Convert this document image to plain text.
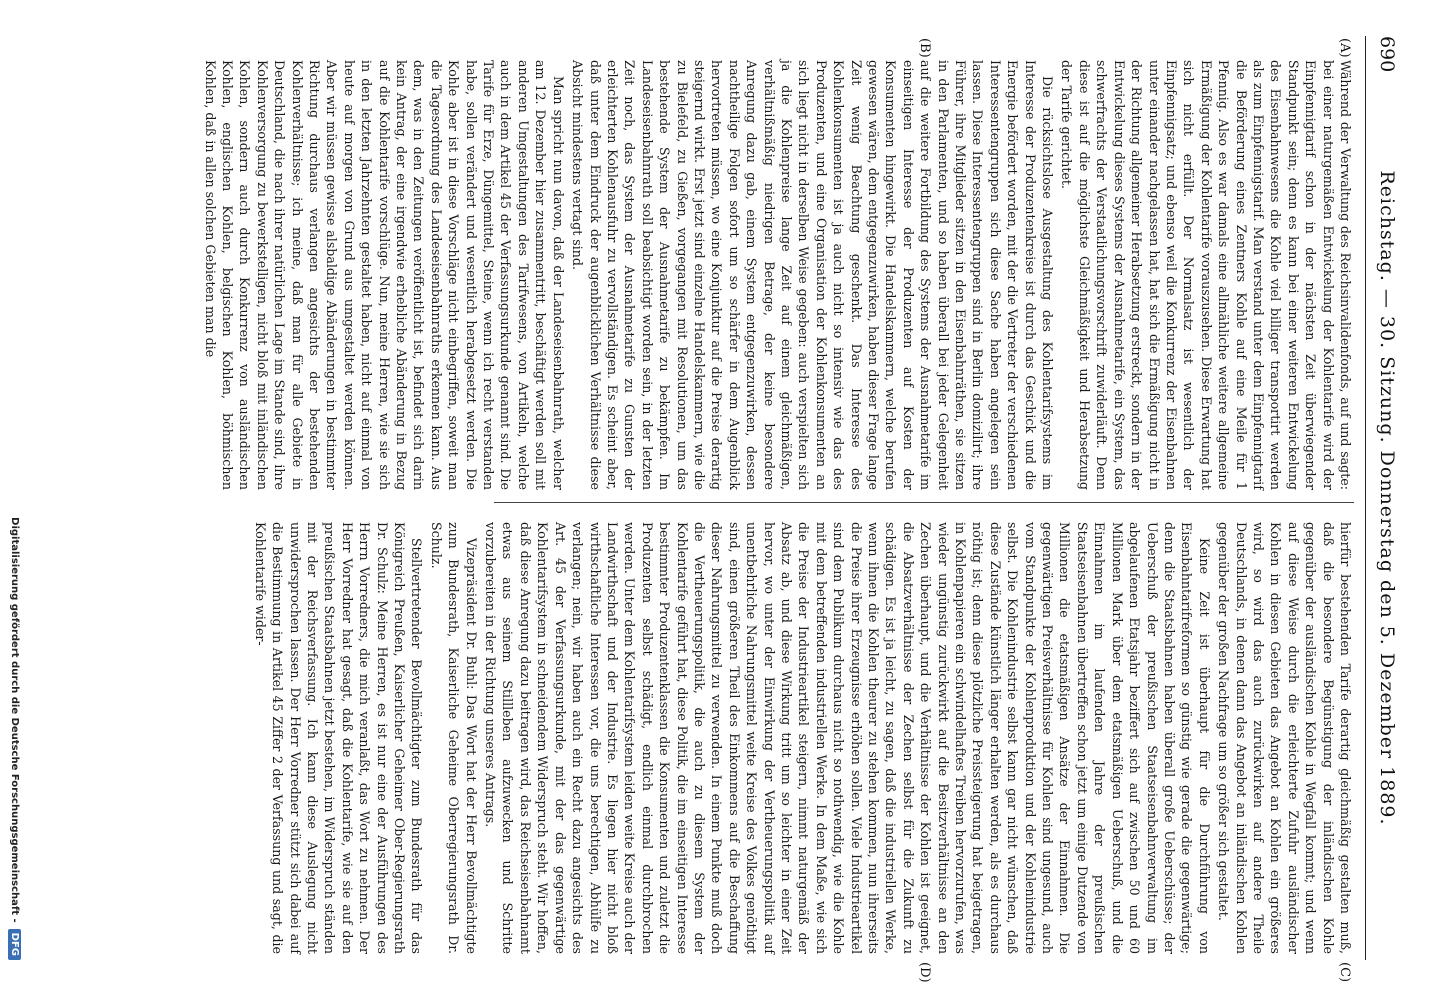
690
Reichstag. — 30. Sitzung. Donnerstag den 5. Dezember 1889.
(A)
(B)
(C)
(D)

Während der Verwaltung des Reichsinvalidenfonds, auf und sagte: bei einer naturgemäßen Entwickelung der Kohlentarife wird der Einpfennigtarif schon in der nächsten Zeit überwiegender Standpunkt sein; denn es kann bei einer weiteren Entwickelung des Eisenbahnwesens die Kohle viel billiger transportirt werden als zum Einpfennigstarif. Man verstand unter dem Einpfennigtarif die Beförderung eines Zentners Kohle auf eine Meile für 1 Pfennig. Also es war damals eine allmähliche weitere allgemeine Ermäßigung der Kohlentarife vorauszusehen. Diese Erwartung hat sich nicht erfüllt. Der Normalsatz ist wesentlich der Einpfennigsatz; und ebenso weil die Konkurrenz der Eisenbahnen unter einander nachgelassen hat, hat sich die Ermäßigung nicht in der Richtung allgemeiner Herabsetzung erstreckt, sondern in der Entwickelung dieses Systems der Ausnahmetarife, ein System, das schwerfrachts der Verstaatlichungsvorschrift zuwiderläuft. Denn diese ist auf die möglichste Gleichmäßigkeit und Herabsetzung der Tarife gerichtet.

Die rücksichtslose Ausgestaltung des Kohlentarifsystems im Interesse der Produzentenkreise ist durch das Geschick und die Energie befördert worden, mit der die Vertreter der verschiedenen Interessentengruppen sich diese Sache haben angelegen sein lassen. Diese Interessentengruppen sind in Berlin domizilirt; ihre Führer, ihre Mitglieder sitzen in den Eisenbahnräthen, sie sitzen in den Parlamenten, und so haben überall bei jeder Gelegenheit auf die weitere Fortbildung des Systems der Ausnahmetarife im einseitigen Interesse der Produzenten auf Kosten der Konsumenten hingewirkt. Die Handelskammern, welche berufen gewesen wären, dem entgegenzuwirken, haben dieser Frage lange Zeit wenig Beachtung geschenkt. Das Interesse des Kohlenkonsumenten ist ja auch nicht so intensiv wie das des Produzenten, und eine Organisation der Kohlenkonsumenten an sich liegt nicht in derselben Weise gegeben: auch verspielten sich ja die Kohlenpreise lange Zeit auf einem gleichmäßigen, verhältnißmäßig niedrigen Betrage, der keine besondere Anregung dazu gab, einem System entgegenzuwirken, dessen nachtheilige Folgen sofort um so schärfer in dem Augenblick hervortreten müssen, wo eine Konjunktur auf die Preise derartig steigernd wirkt. Erst jetzt sind einzelne Handelskammern, wie die zu Bielefeld, zu Gießen, vorgegangen mit Resolutionen, um das bestehende System der Ausnahmetarife zu bekämpfen. Im Landeseisenbahnrath soll beabsichtigt worden sein, in der letzten Zeit noch, das System der Ausnahmetarife zu Gunsten der erleichterten Kohlenausfuhr zu vervollständigen. Es scheint aber, daß unter dem Eindruck der augenblicklichen Verhältnisse diese Absicht mindestens vertagt sind.

Man spricht nun davon, daß der Landeseisenbahnrath, welcher am 12. Dezember hier zusammentritt, beschäftigt werden soll mit anderen Umgestaltungen des Tarifwesens, von Artikeln, welche auch in dem Artikel 45 der Verfassungsurkunde genannt sind. Die Tarife für Erze, Düngemittel, Steine, wenn ich recht verstanden habe, sollen verändert und wesentlich herabgesetzt werden. Die Kohle aber ist in diese Vorschläge nicht einbegriffen, soweit man die Tagesordnung des Landeseisenbahnraths erkennen kann. Aus dem, was in den Zeitungen veröffentlicht ist, befindet sich darin kein Antrag, der eine irgendwie erhebliche Abänderung in Bezug auf die Kohlentarife vorschlüge. Nun, meine Herren, wie sie sich in den letzten Jahrzehnten gestaltet haben, nicht auf einmal von heute auf morgen von Grund aus umgestaltet werden können. Aber wir müssen gewisse alsbaldige Abänderungen in bestimmter Richtung durchaus verlangen angesichts der bestehenden Kohlenverhältnisse; ich meine, daß man für alle Gebiete in Deutschland, die nach ihrer natürlichen Lage im Stande sind, ihre Kohlenversorgung zu bewerkstelligen, nicht bloß mit inländischen Kohlen, sondern auch durch Konkurrenz von ausländischen Kohlen, englischen Kohlen, belgischen Kohlen, böhmischen Kohlen, daß in allen solchen Gebieten man die

hierfür bestehenden Tarife derartig gleichmäßig gestalten muß, daß die besondere Begünstigung der inländischen Kohle gegenüber der ausländischen Kohle in Wegfall kommt; und wenn auf diese Weise durch die erleichterte Zufuhr ausländischer Kohlen in diesen Gebieten das Angebot an Kohlen ein größeres wird, so wird das auch zurückwirken auf andere Theile Deutschlands, in denen dann das Angebot an inländischen Kohlen gegenüber der großen Nachfrage um so größer sich gestaltet.

Keine Zeit ist überhaupt für die Durchführung von Eisenbahntarifreformen so günstig wie gerade die gegenwärtige; denn die Staatsbahnen haben überall große Ueberschüsse; der Ueberschuß der preußischen Staatseisenbahnverwaltung im abgelaufenen Etatsjahr beziffert sich auf zwischen 50 und 60 Millionen Mark über dem etatsmäßigen Ueberschuß, und die Einnahmen im laufenden Jahre der preußischen Staatseisenbahnen übertreffen schon jetzt um einige Dutzende von Millionen die etatsmäßigen Ansätze der Einnahmen. Die gegenwärtigen Preisverhältnisse für Kohlen sind ungesund, auch vom Standpunkte der Kohlenproduktion und der Kohlenindustrie selbst. Die Kohlenindustrie selbst kann gar nicht wünschen, daß diese Zustände künstlich länger erhalten werden, als es durchaus nöthig ist; denn diese plötzliche Preissteigerung hat beigetragen, in Kohlenpapieren ein schwindelhaftes Treiben hervorzurufen, was wieder ungünstig zurückwirkt auf die Besitzverhältnisse an den Zechen überhaupt, und die Verhältnisse der Kohlen ist geeignet, die Absatzverhältnisse der Zechen selbst für die Zukunft zu schädigen. Es ist ja leicht, zu sagen, daß die industriellen Werke, wenn ihnen die Kohlen theurer zu stehen kommen, nun ihrerseits die Preise ihrer Erzeugnisse erhöhen sollen. Viele Industrieartikel sind dem Publikum durchaus nicht so nothwendig, wie die Kohle mit dem betreffenden industriellen Werke. In dem Maße, wie sich die Preise der Industrieartikel steigern, nimmt naturgemäß der Absatz ab, und diese Wirkung tritt um so leichter in einer Zeit hervor, wo unter der Einwirkung der Vertheuerungspolitik auf unentbehrliche Nahrungsmittel weite Kreise des Volkes genöthigt sind, einen größeren Theil des Einkommens auf die Beschaffung dieser Nahrungsmittel zu verwenden. In einem Punkte muß doch die Vertheuerungspolitik, die auch zu diesem System der Kohlentarife geführt hat, diese Politik, die im einseitigen Interesse bestimmter Produzentenklassen die Konsumenten und zuletzt die Produzenten selbst schädigt, endlich einmal durchbrochen werden. Unter dem Kohlentarifsystem leiden weite Kreise auch der Landwirthschaft und der Industrie. Es liegen hier nicht bloß wirthschaftliche Interessen vor, die uns berechtigen, Abhülfe zu verlangen; nein, wir haben auch ein Recht dazu angesichts des Art. 45 der Verfassungsurkunde, mit der das gegenwärtige Kohlentarifsystem in schneidendem Widerspruch steht. Wir hoffen, daß diese Anregung dazu beitragen wird, das Reichseisenbahnamt etwas aus seinem Stillleben aufzuwecken und Schritte vorzubereiten in der Richtung unseres Antrags.

Vizepräsident Dr. Buhl: Das Wort hat der Herr Bevollmächtigte zum Bundesrath, Kaiserliche Geheime Oberregierungsrath Dr. Schulz.

Stellvertretender Bevollmächtigter zum Bundesrath für das Königreich Preußen, Kaiserlicher Geheimer Ober-Regierungsrath Dr. Schulz: Meine Herren, es ist nur eine der Ausführungen des Herrn Vorredners, die mich veranlaßt, das Wort zu nehmen. Der Herr Vorredner hat gesagt, daß die Kohlentarife, wie sie auf den preußischen Staatsbahnen jetzt bestehen, im Widerspruch ständen mit der Reichsverfassung. Ich kann diese Auslegung nicht unwidersprochen lassen. Der Herr Vorredner stützt sich dabei auf die Bestimmung in Artikel 45 Ziffer 2 der Verfassung und sagt, die Kohlentarife wider-

Digitalisierung gefördert durch die Deutsche Forschungsgemeinschaft -DFG
